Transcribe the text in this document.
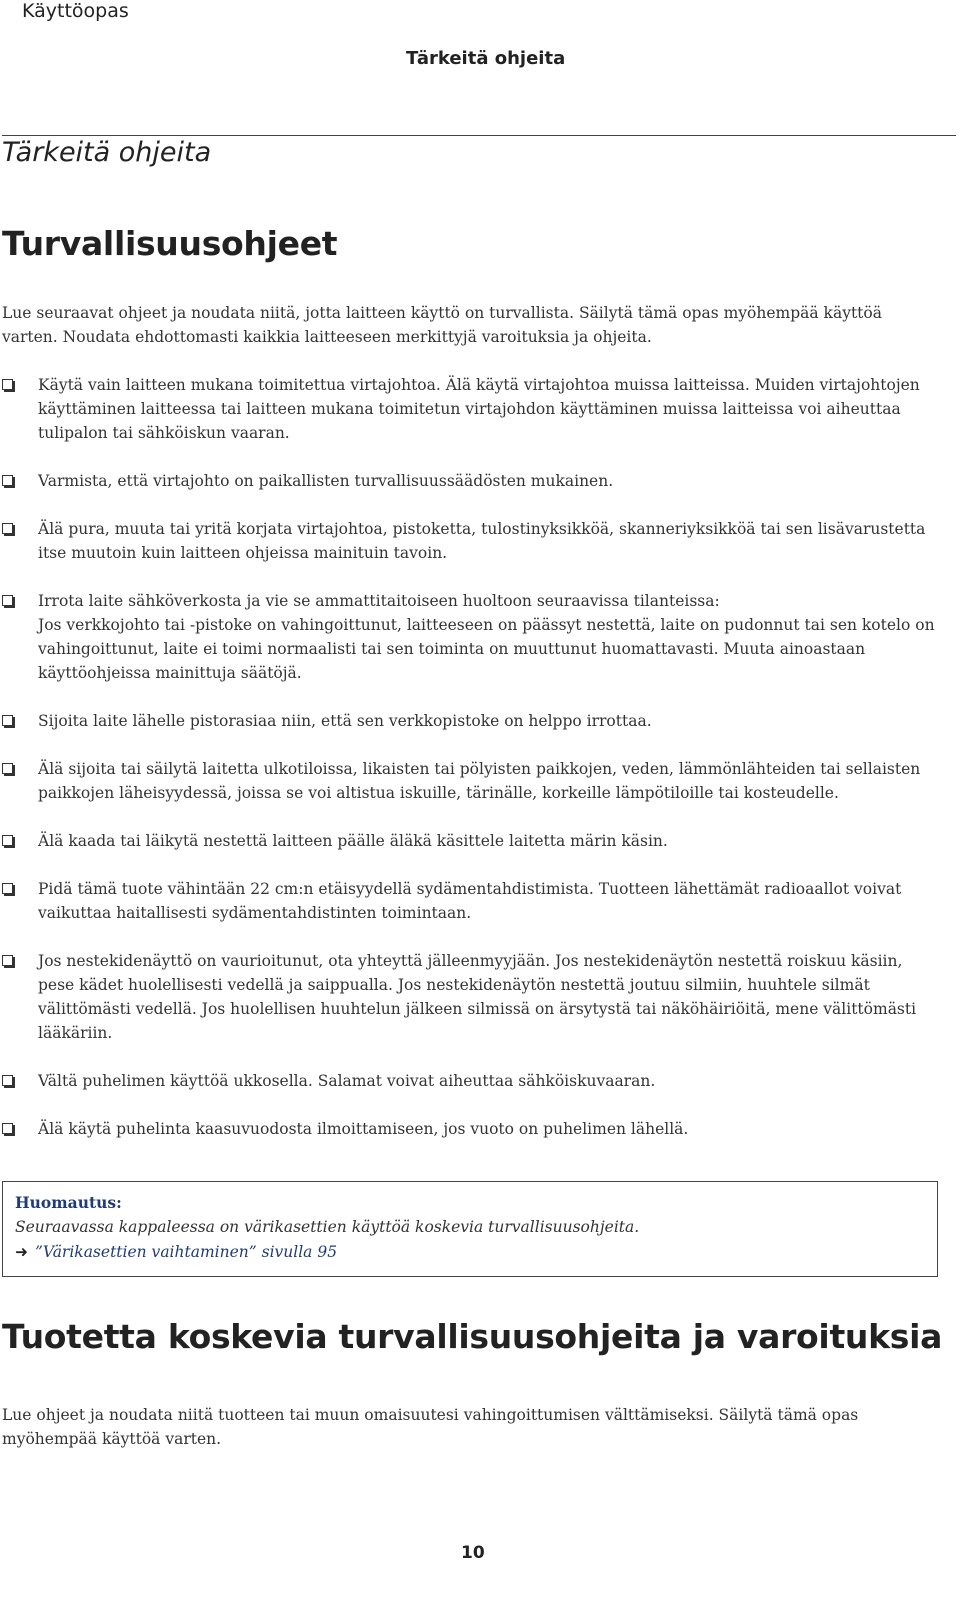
Käyttöopas
Tärkeitä ohjeita
Tärkeitä ohjeita
Turvallisuusohjeet

Lue seuraavat ohjeet ja noudata niitä, jotta laitteen käyttö on turvallista. Säilytä tämä opas myöhempää käyttöä varten. Noudata ehdottomasti kaikkia laitteeseen merkittyjä varoituksia ja ohjeita.

Käytä vain laitteen mukana toimitettua virtajohtoa. Älä käytä virtajohtoa muissa laitteissa. Muiden virtajohtojen käyttäminen laitteessa tai laitteen mukana toimitetun virtajohdon käyttäminen muissa laitteissa voi aiheuttaa tulipalon tai sähköiskun vaaran.
Varmista, että virtajohto on paikallisten turvallisuussäädösten mukainen.
Älä pura, muuta tai yritä korjata virtajohtoa, pistoketta, tulostinyksikköä, skanneriyksikköä tai sen lisävarustetta itse muutoin kuin laitteen ohjeissa mainituin tavoin.
Irrota laite sähköverkosta ja vie se ammattitaitoiseen huoltoon seuraavissa tilanteissa:
Jos verkkojohto tai -pistoke on vahingoittunut, laitteeseen on päässyt nestettä, laite on pudonnut tai sen kotelo on vahingoittunut, laite ei toimi normaalisti tai sen toiminta on muuttunut huomattavasti. Muuta ainoastaan käyttöohjeissa mainittuja säätöjä.
Sijoita laite lähelle pistorasiaa niin, että sen verkkopistoke on helppo irrottaa.
Älä sijoita tai säilytä laitetta ulkotiloissa, likaisten tai pölyisten paikkojen, veden, lämmönlähteiden tai sellaisten paikkojen läheisyydessä, joissa se voi altistua iskuille, tärinälle, korkeille lämpötiloille tai kosteudelle.
Älä kaada tai läikytä nestettä laitteen päälle äläkä käsittele laitetta märin käsin.
Pidä tämä tuote vähintään 22 cm:n etäisyydellä sydämentahdistimista. Tuotteen lähettämät radioaallot voivat vaikuttaa haitallisesti sydämentahdistinten toimintaan.
Jos nestekidenäyttö on vaurioitunut, ota yhteyttä jälleenmyyjään. Jos nestekidenäytön nestettä roiskuu käsiin, pese kädet huolellisesti vedellä ja saippualla. Jos nestekidenäytön nestettä joutuu silmiin, huuhtele silmät välittömästi vedellä. Jos huolellisen huuhtelun jälkeen silmissä on ärsytystä tai näköhäiriöitä, mene välittömästi lääkäriin.
Vältä puhelimen käyttöä ukkosella. Salamat voivat aiheuttaa sähköiskuvaaran.
Älä käytä puhelinta kaasuvuodosta ilmoittamiseen, jos vuoto on puhelimen lähellä.
Huomautus:
Seuraavassa kappaleessa on värikasettien käyttöä koskevia turvallisuusohjeita.
➜ ”Värikasettien vaihtaminen” sivulla 95
Tuotetta koskevia turvallisuusohjeita ja varoituksia

Lue ohjeet ja noudata niitä tuotteen tai muun omaisuutesi vahingoittumisen välttämiseksi. Säilytä tämä opas myöhempää käyttöä varten.

10
